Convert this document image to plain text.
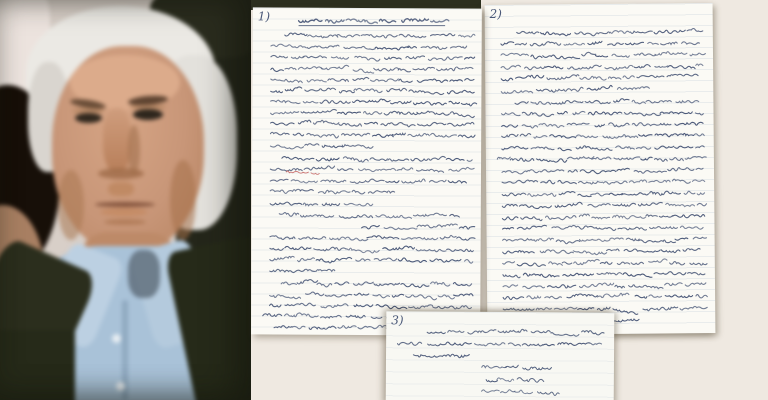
1)	2)
3)
